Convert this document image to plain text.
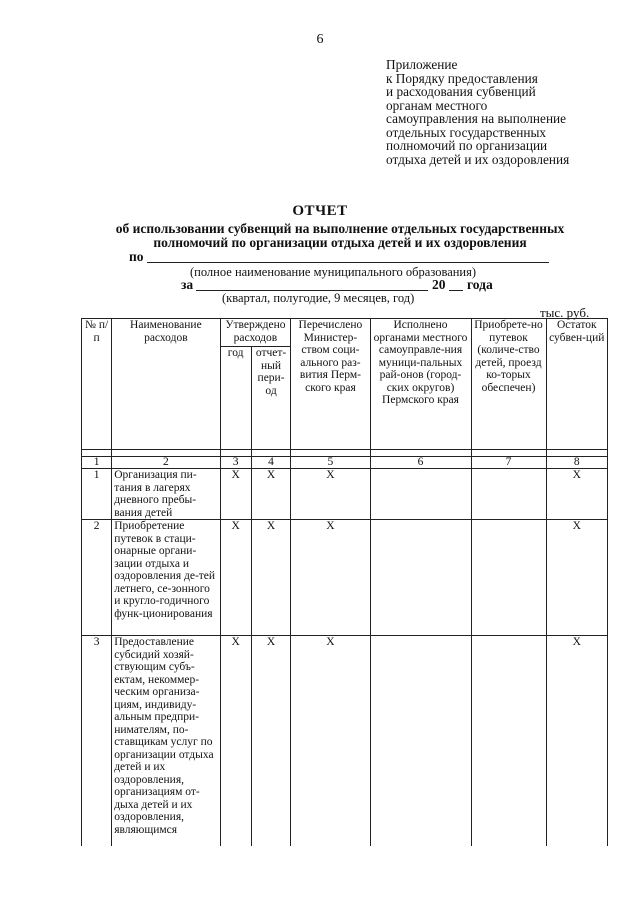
6
Приложение
к Порядку предоставления
и расходования субвенций
органам местного
самоуправления на выполнение
отдельных государственных
полномочий по организации
отдыха детей и их оздоровления
ОТЧЕТ
об использовании субвенций на выполнение отдельных государственных
полномочий по организации отдыха детей и их оздоровления
по
(полное наименование муниципального образования)
за	20 года
(квартал, полугодие, 9 месяцев, год)
тыс. руб.
№ п/п	Наименование расходов	Утверждено расходов		Перечислено Министер-ством соци-ального раз-вития Перм-ского края	Исполнено органами местного самоуправле-ния муници-пальных рай-онов (город-ских округов) Пермского края	Приобрете-но путевок (количе-ство детей, проезд ко-торых обеспечен)	Остаток субвен-ций
		год	отчет-ный пери-од				

1	2	3	4	5	6	7	8
1	Организация пи-тания в лагерях дневного пребы-вания детей	X	X	X			X
2	Приобретение путевок в стаци-онарные органи-зации отдыха и оздоровления де-тей летнего, се-зонного и кругло-годичного функ-ционирования	X	X	X			X
3	Предоставление субсидий хозяй-ствующим субъ-ектам, некоммер-ческим организа-циям, индивиду-альным предпри-нимателям, по-ставщикам услуг по организации отдыха детей и их оздоровления, организациям от-дыха детей и их оздоровления, являющимся	X	X	X			X
